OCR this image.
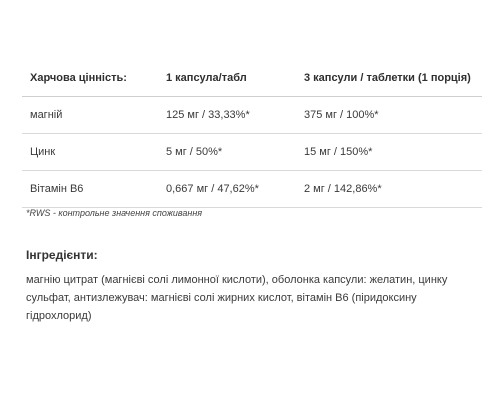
Харчова цінність:	1 капсула/табл	3 капсули / таблетки (1 порція)
магній	125 мг / 33,33%*	375 мг / 100%*
Цинк	5 мг / 50%*	15 мг / 150%*
Вітамін В6	0,667 мг / 47,62%*	2 мг / 142,86%*
*RWS - контрольне значення споживання
Інгредієнти:
магнію цитрат (магнієві солі лимонної кислоти), оболонка капсули: желатин, цинку сульфат, антизлежувач: магнієві солі жирних кислот, вітамін В6 (піридоксину гідрохлорид)
